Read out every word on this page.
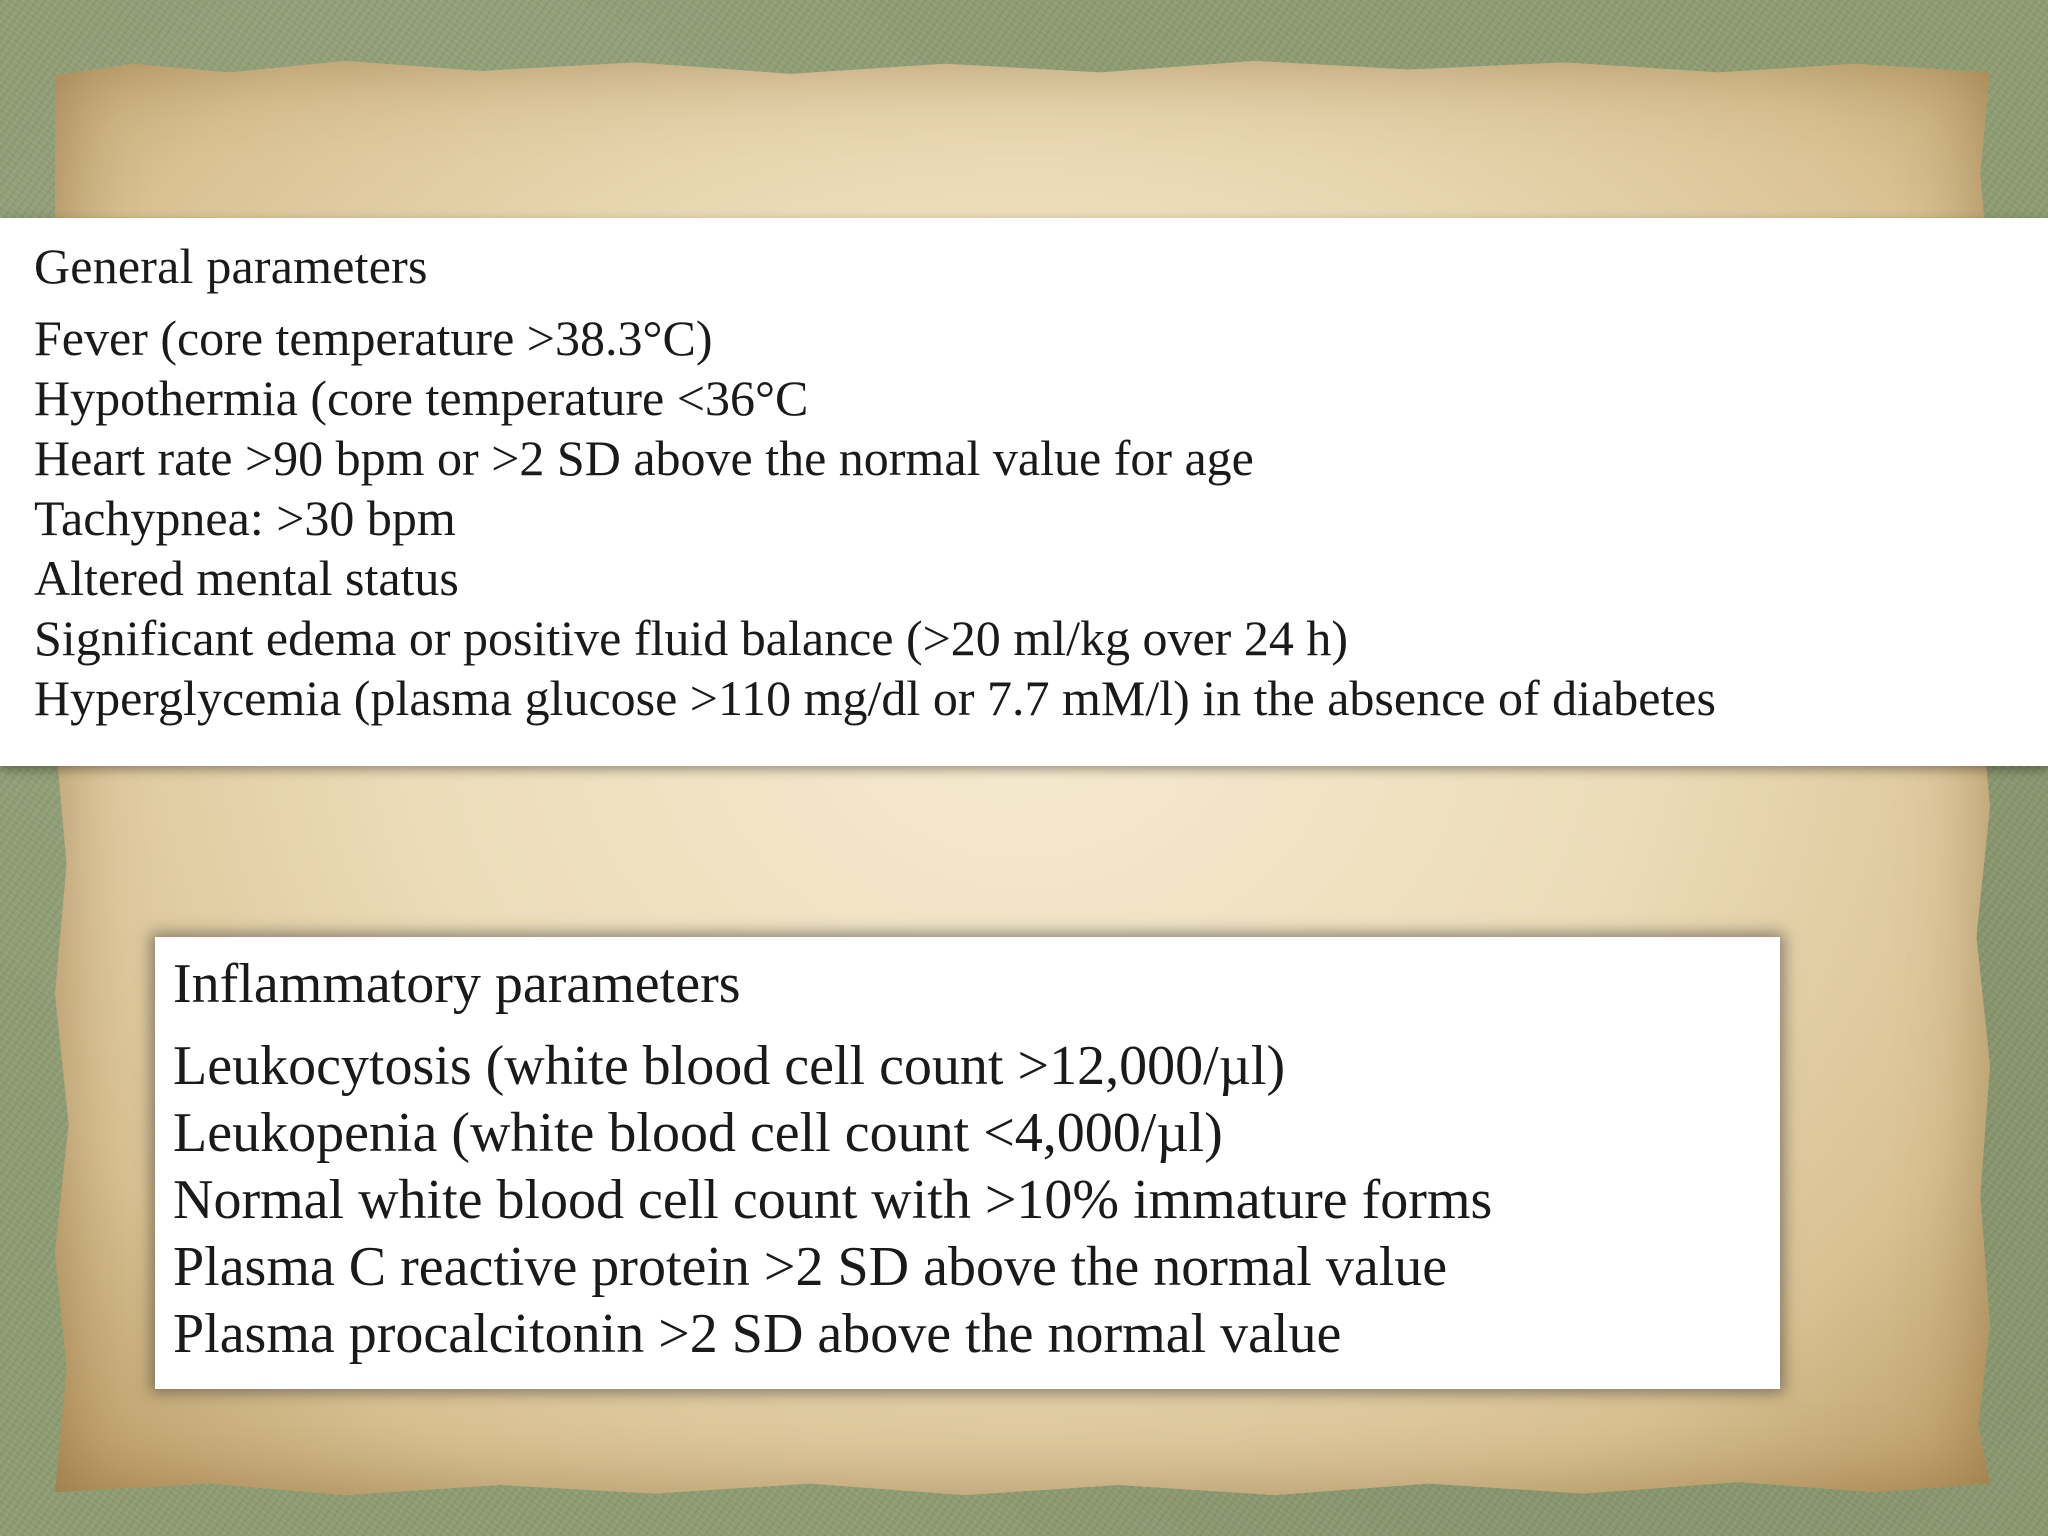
General parameters
Fever (core temperature >38.3°C)
Hypothermia (core temperature <36°C
Heart rate >90 bpm or >2 SD above the normal value for age
Tachypnea: >30 bpm
Altered mental status
Significant edema or positive fluid balance (>20 ml/kg over 24 h)
Hyperglycemia (plasma glucose >110 mg/dl or 7.7 mM/l) in the absence of diabetes
Inflammatory parameters
Leukocytosis (white blood cell count >12,000/µl)
Leukopenia (white blood cell count <4,000/µl)
Normal white blood cell count with >10% immature forms
Plasma C reactive protein >2 SD above the normal value
Plasma procalcitonin >2 SD above the normal value
